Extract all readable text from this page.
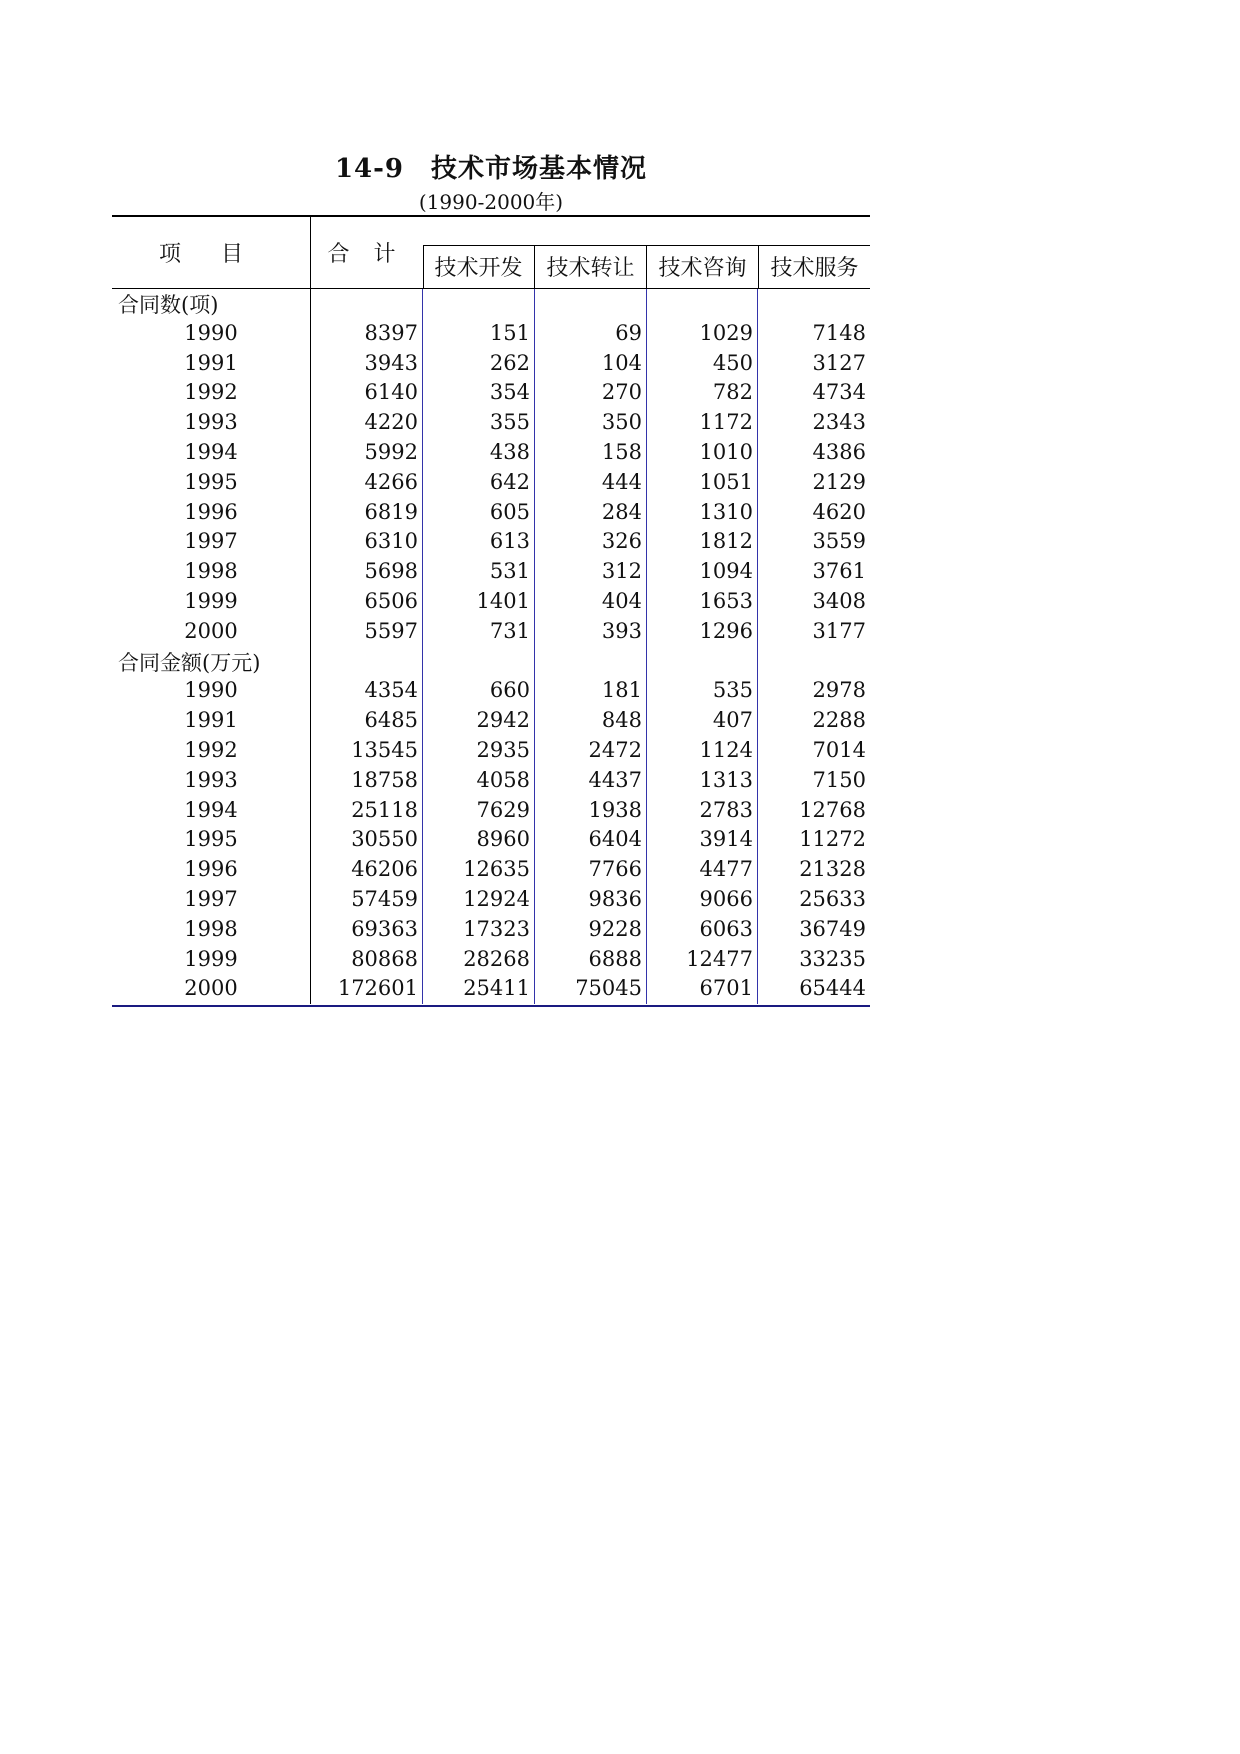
14-9　技术市场基本情况
(1990-2000年)
项目	合计
技术开发	技术转让	技术咨询	技术服务
合同数(项)
1990	8397	151	69	1029	7148
1991	3943	262	104	450	3127
1992	6140	354	270	782	4734
1993	4220	355	350	1172	2343
1994	5992	438	158	1010	4386
1995	4266	642	444	1051	2129
1996	6819	605	284	1310	4620
1997	6310	613	326	1812	3559
1998	5698	531	312	1094	3761
1999	6506	1401	404	1653	3408
2000	5597	731	393	1296	3177
合同金额(万元)
1990	4354	660	181	535	2978
1991	6485	2942	848	407	2288
1992	13545	2935	2472	1124	7014
1993	18758	4058	4437	1313	7150
1994	25118	7629	1938	2783 12768
1995	30550	8960	6404	3914 11272
1996	46206 12635	7766	4477 21328
1997	57459 12924	9836	9066 25633
1998	69363 17323	9228	6063 36749
1999	80868 28268	6888 12477 33235
2000	172601 25411 75045	6701 65444
